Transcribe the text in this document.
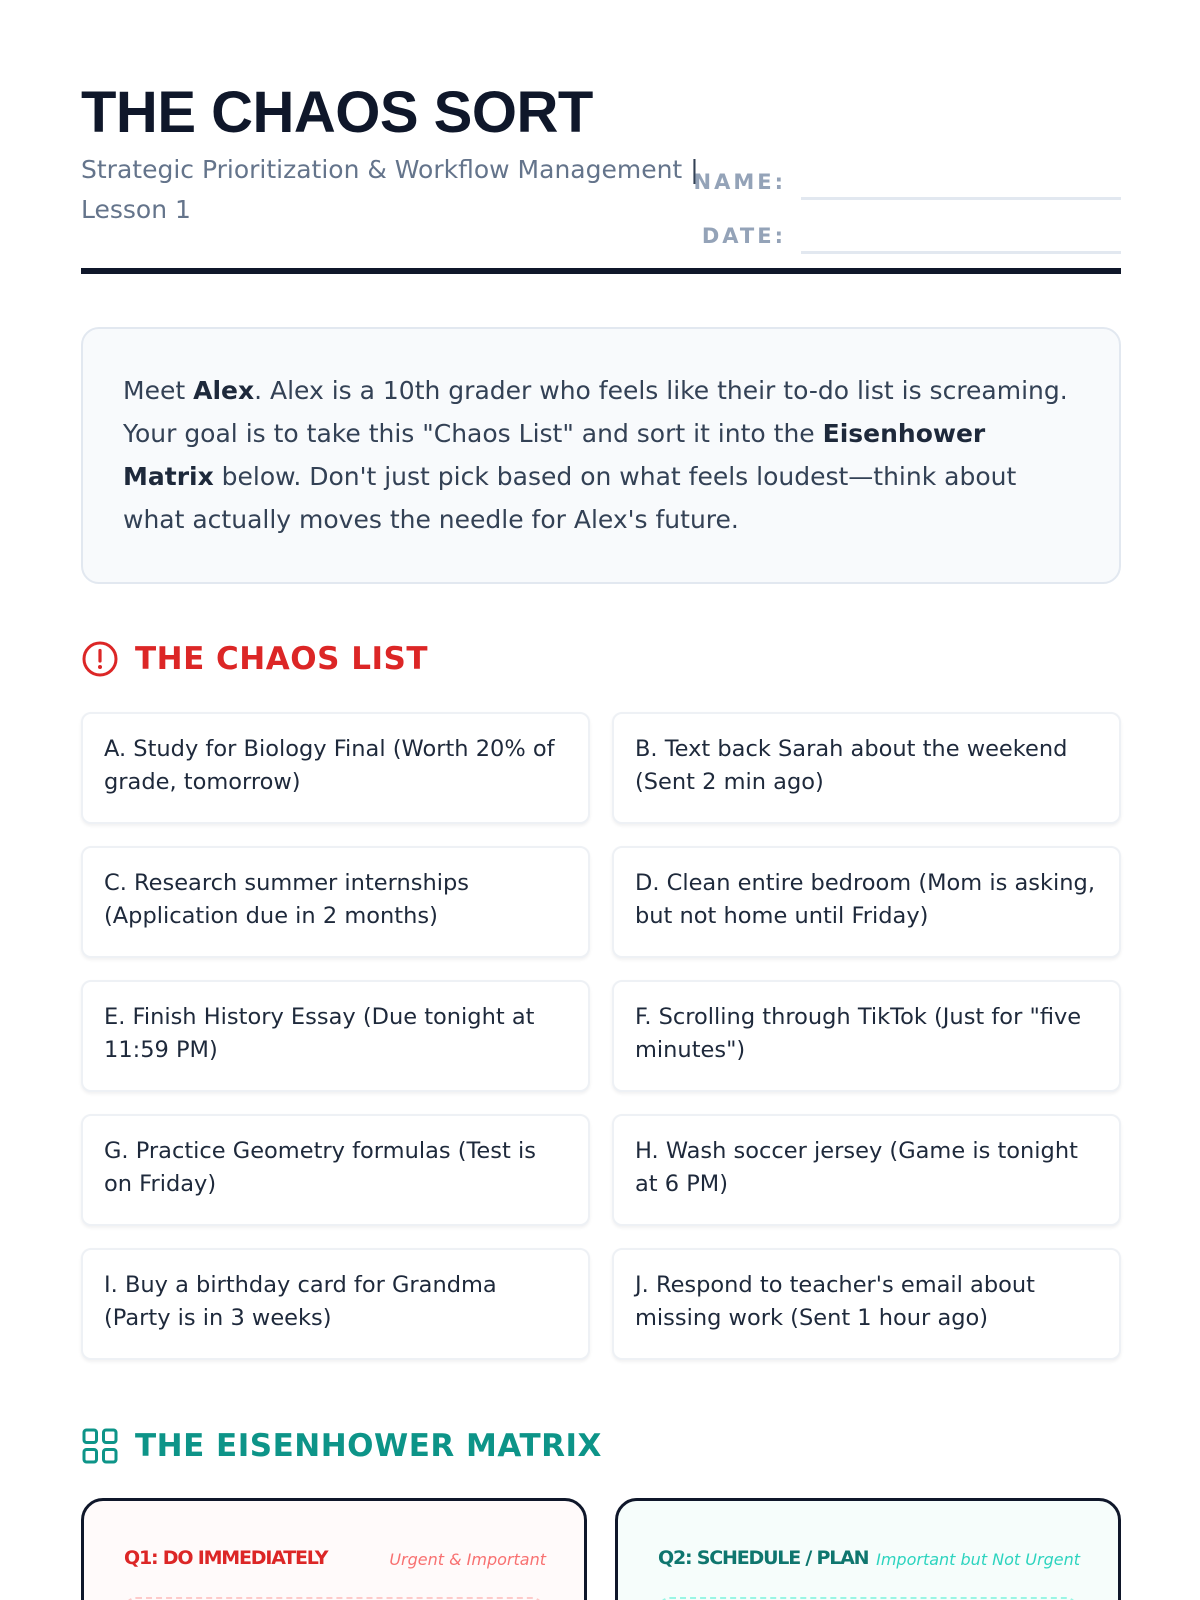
THE CHAOS SORT
Strategic Prioritization & Workflow Management | Lesson 1
NAME:
DATE:

Meet Alex. Alex is a 10th grader who feels like their to-do list is screaming. Your goal is to take this "Chaos List" and sort it into the Eisenhower Matrix below. Don't just pick based on what feels loudest—think about what actually moves the needle for Alex's future.

THE CHAOS LIST
A. Study for Biology Final (Worth 20% of grade, tomorrow)
B. Text back Sarah about the weekend (Sent 2 min ago)
C. Research summer internships (Application due in 2 months)
D. Clean entire bedroom (Mom is asking, but not home until Friday)
E. Finish History Essay (Due tonight at 11:59 PM)
F. Scrolling through TikTok (Just for "five minutes")
G. Practice Geometry formulas (Test is on Friday)
H. Wash soccer jersey (Game is tonight at 6 PM)
I. Buy a birthday card for Grandma (Party is in 3 weeks)
J. Respond to teacher's email about missing work (Sent 1 hour ago)
THE EISENHOWER MATRIX
Q1: DO IMMEDIATELY	Urgent & Important	Q2: SCHEDULE / PLAN Important but Not Urgent
